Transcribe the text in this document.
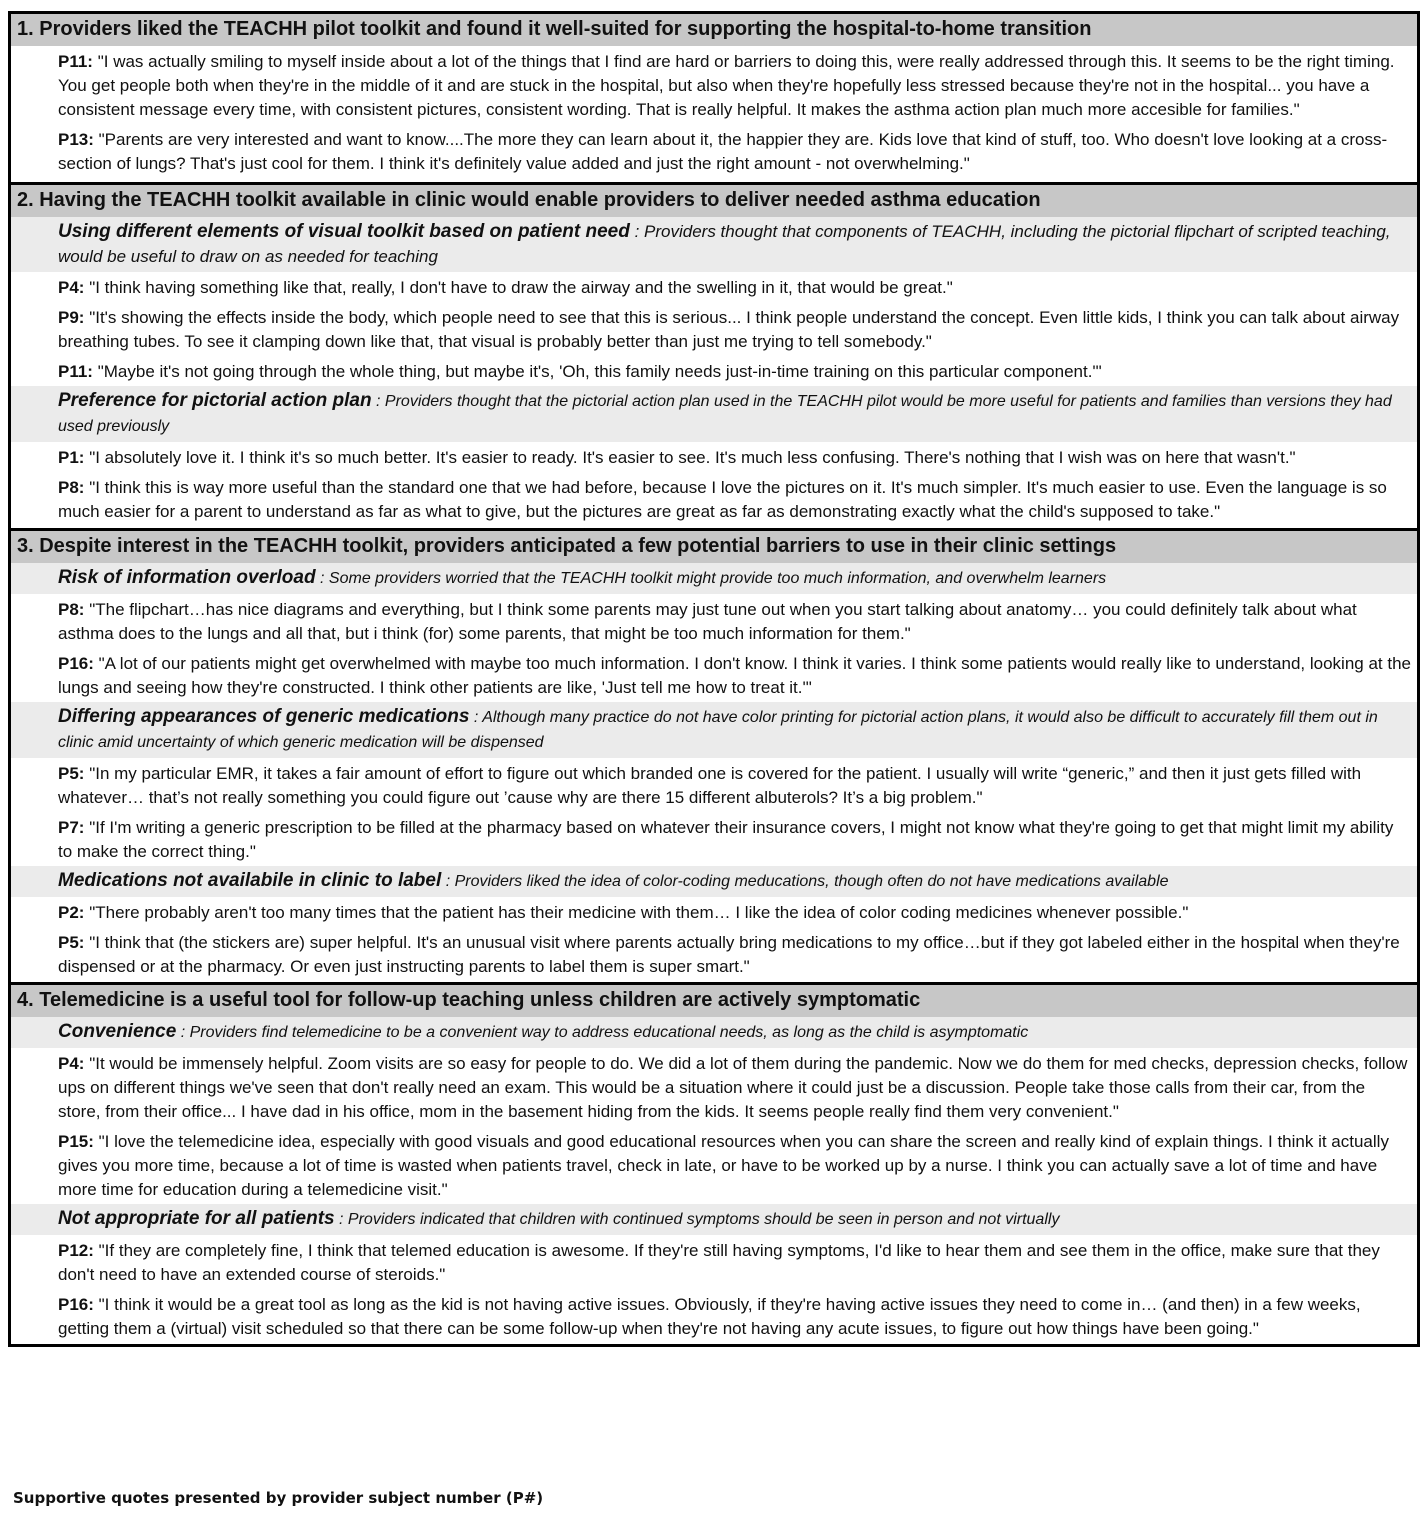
1. Providers liked the TEACHH pilot toolkit and found it well-suited for supporting the hospital-to-home transition

P11: "I was actually smiling to myself inside about a lot of the things that I find are hard or barriers to doing this, were really addressed through this. It seems to be the right timing. You get people both when they're in the middle of it and are stuck in the hospital, but also when they're hopefully less stressed because they're not in the hospital... you have a consistent message every time, with consistent pictures, consistent wording. That is really helpful. It makes the asthma action plan much more accesible for families."

P13: "Parents are very interested and want to know....The more they can learn about it, the happier they are. Kids love that kind of stuff, too. Who doesn't love looking at a cross-section of lungs? That's just cool for them. I think it's definitely value added and just the right amount - not overwhelming."

2. Having the TEACHH toolkit available in clinic would enable providers to deliver needed asthma education

Using different elements of visual toolkit based on patient need : Providers thought that components of TEACHH, including the pictorial flipchart of scripted teaching, would be useful to draw on as needed for teaching

P4: "I think having something like that, really, I don't have to draw the airway and the swelling in it, that would be great."

P9: "It's showing the effects inside the body, which people need to see that this is serious... I think people understand the concept. Even little kids, I think you can talk about airway breathing tubes. To see it clamping down like that, that visual is probably better than just me trying to tell somebody."

P11: "Maybe it's not going through the whole thing, but maybe it's, 'Oh, this family needs just-in-time training on this particular component.'"

Preference for pictorial action plan : Providers thought that the pictorial action plan used in the TEACHH pilot would be more useful for patients and families than versions they had used previously

P1: "I absolutely love it. I think it's so much better. It's easier to ready. It's easier to see. It's much less confusing. There's nothing that I wish was on here that wasn't."

P8: "I think this is way more useful than the standard one that we had before, because I love the pictures on it. It's much simpler. It's much easier to use. Even the language is so much easier for a parent to understand as far as what to give, but the pictures are great as far as demonstrating exactly what the child's supposed to take."

3. Despite interest in the TEACHH toolkit, providers anticipated a few potential barriers to use in their clinic settings

Risk of information overload : Some providers worried that the TEACHH toolkit might provide too much information, and overwhelm learners

P8: "The flipchart…has nice diagrams and everything, but I think some parents may just tune out when you start talking about anatomy… you could definitely talk about what asthma does to the lungs and all that, but i think (for) some parents, that might be too much information for them."

P16: "A lot of our patients might get overwhelmed with maybe too much information. I don't know. I think it varies. I think some patients would really like to understand, looking at the lungs and seeing how they're constructed. I think other patients are like, 'Just tell me how to treat it.'"

Differing appearances of generic medications : Although many practice do not have color printing for pictorial action plans, it would also be difficult to accurately fill them out in clinic amid uncertainty of which generic medication will be dispensed

P5: "In my particular EMR, it takes a fair amount of effort to figure out which branded one is covered for the patient. I usually will write “generic,” and then it just gets filled with whatever… that’s not really something you could figure out ’cause why are there 15 different albuterols? It’s a big problem."

P7: "If I'm writing a generic prescription to be filled at the pharmacy based on whatever their insurance covers, I might not know what they're going to get that might limit my ability to make the correct thing."

Medications not availabile in clinic to label : Providers liked the idea of color-coding meducations, though often do not have medications available

P2: "There probably aren't too many times that the patient has their medicine with them… I like the idea of color coding medicines whenever possible."

P5: "I think that (the stickers are) super helpful. It's an unusual visit where parents actually bring medications to my office…but if they got labeled either in the hospital when they're dispensed or at the pharmacy. Or even just instructing parents to label them is super smart."

4. Telemedicine is a useful tool for follow-up teaching unless children are actively symptomatic

Convenience : Providers find telemedicine to be a convenient way to address educational needs, as long as the child is asymptomatic

P4: "It would be immensely helpful. Zoom visits are so easy for people to do. We did a lot of them during the pandemic. Now we do them for med checks, depression checks, follow ups on different things we've seen that don't really need an exam. This would be a situation where it could just be a discussion. People take those calls from their car, from the store, from their office... I have dad in his office, mom in the basement hiding from the kids. It seems people really find them very convenient."

P15: "I love the telemedicine idea, especially with good visuals and good educational resources when you can share the screen and really kind of explain things. I think it actually gives you more time, because a lot of time is wasted when patients travel, check in late, or have to be worked up by a nurse. I think you can actually save a lot of time and have more time for education during a telemedicine visit."

Not appropriate for all patients : Providers indicated that children with continued symptoms should be seen in person and not virtually

P12: "If they are completely fine, I think that telemed education is awesome. If they're still having symptoms, I'd like to hear them and see them in the office, make sure that they don't need to have an extended course of steroids."

P16: "I think it would be a great tool as long as the kid is not having active issues. Obviously, if they're having active issues they need to come in… (and then) in a few weeks, getting them a (virtual) visit scheduled so that there can be some follow-up when they're not having any acute issues, to figure out how things have been going."
Supportive quotes presented by provider subject number (P#)
